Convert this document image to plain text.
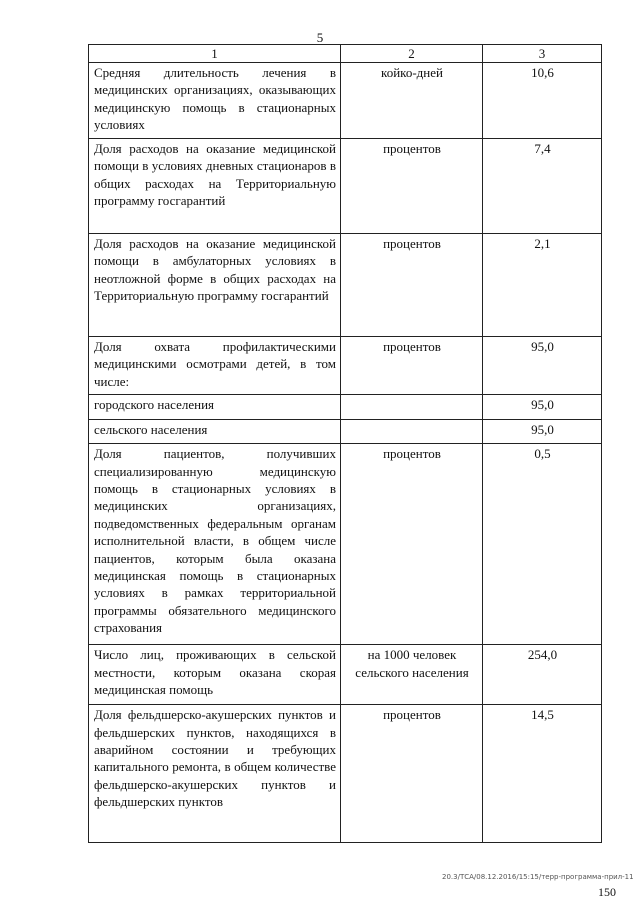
5
1	2	3
Средняя длительность лечения в медицинских организациях, оказывающих медицинскую помощь в стационарных условиях	койко-дней	10,6
Доля расходов на оказание медицинской помощи в условиях дневных стационаров в общих расходах на Территориальную программу госгарантий	процентов	7,4
Доля расходов на оказание медицинской помощи в амбулаторных условиях в неотложной форме в общих расходах на Территориальную программу госгарантий	процентов	2,1
Доля охвата профилактическими медицинскими осмотрами детей, в том числе:	процентов	95,0
городского населения		95,0
сельского населения		95,0
Доля пациентов, получивших специализированную медицинскую помощь в стационарных условиях в медицинских организациях, подведомственных федеральным органам исполнительной власти, в общем числе пациентов, которым была оказана медицинская помощь в стационарных условиях в рамках территориальной программы обязательного медицинского страхования	процентов	0,5
Число лиц, проживающих в сельской местности, которым оказана скорая медицинская помощь	на 1000 человек сельского населения	254,0
Доля фельдшерско-акушерских пунктов и фельдшерских пунктов, находящихся в аварийном состоянии и требующих капитального ремонта, в общем количестве фельдшерско-акушерских пунктов и фельдшерских пунктов	процентов	14,5
20.3/ТСА/08.12.2016/15:15/терр-программа-прил-11
150
